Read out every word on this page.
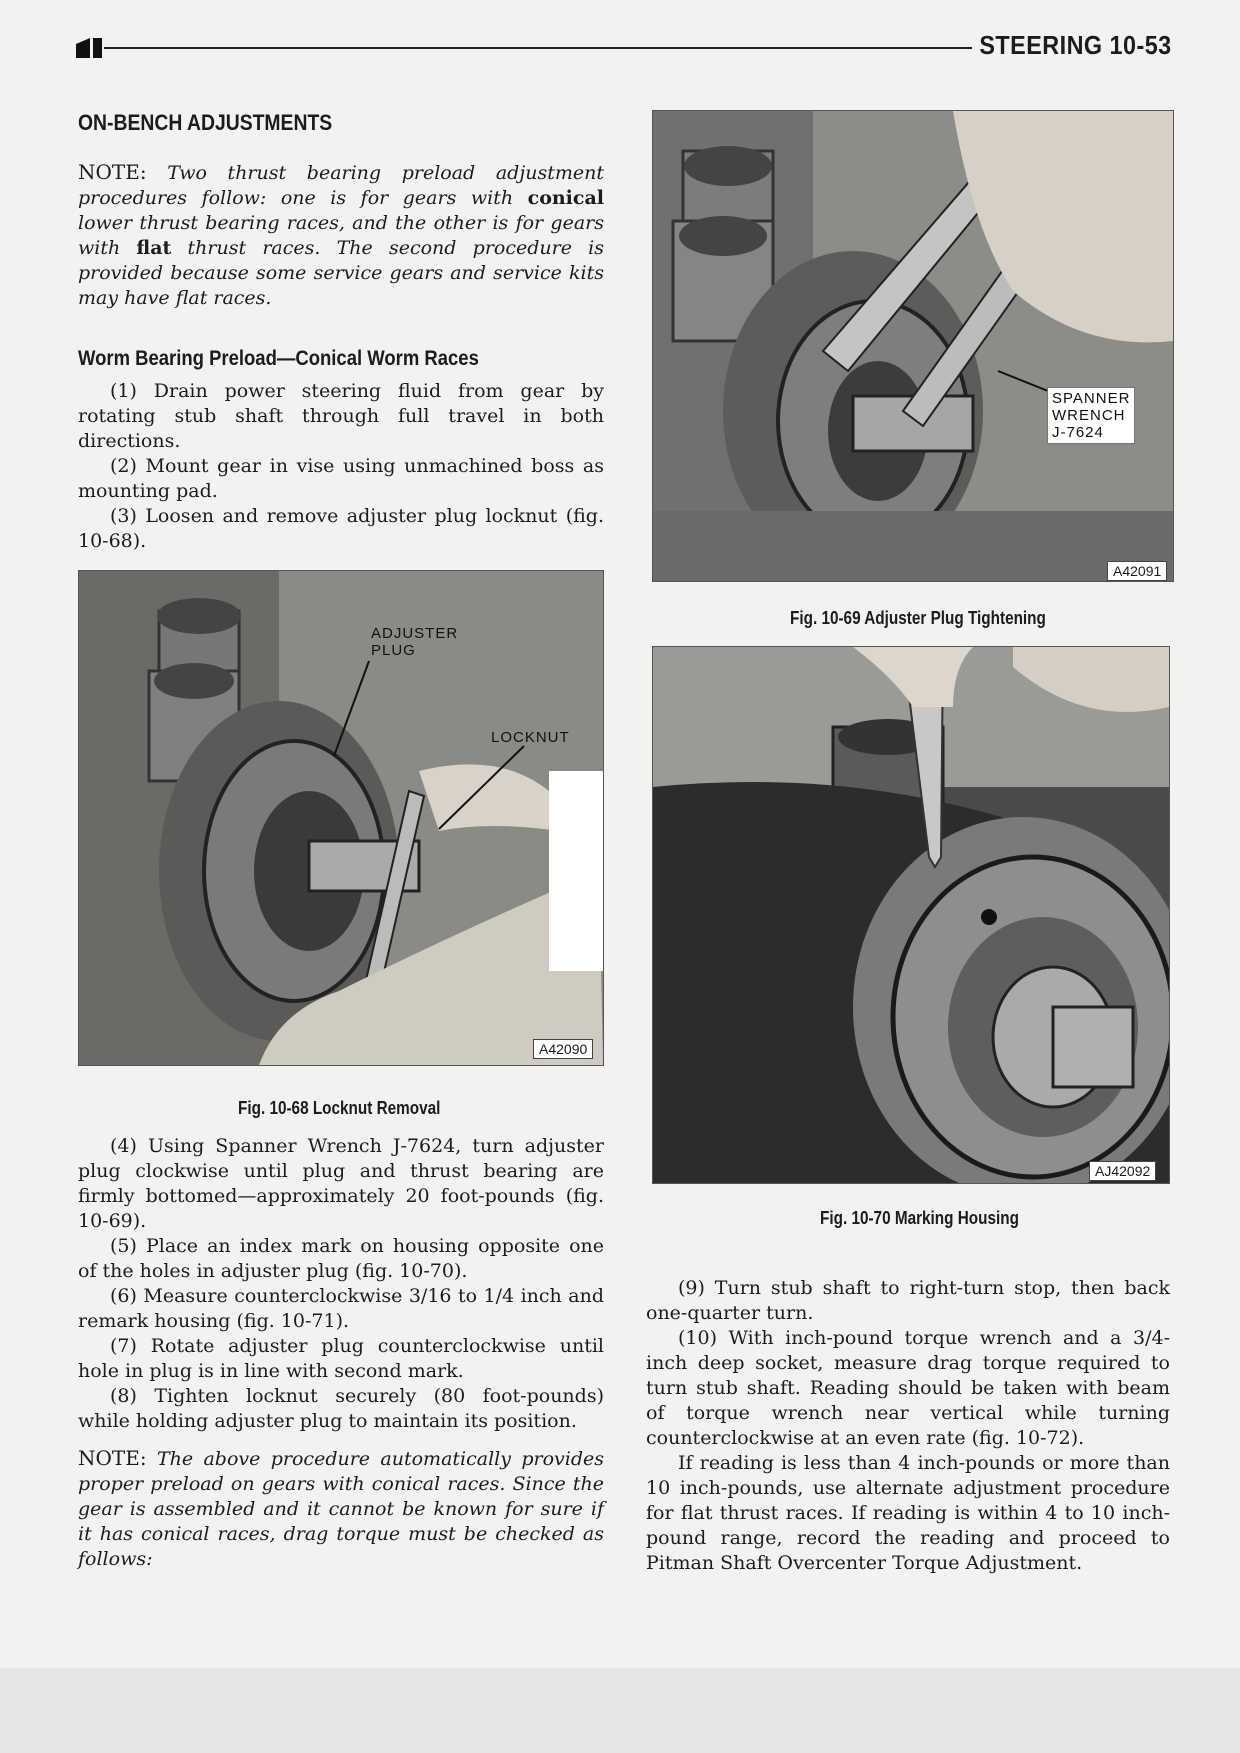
STEERING 10-53
ON-BENCH ADJUSTMENTS

NOTE: Two thrust bearing preload adjustment procedures follow: one is for gears with conical lower thrust bearing races, and the other is for gears with flat thrust races. The second procedure is provided because some service gears and service kits may have flat races.

Worm Bearing Preload—Conical Worm Races

(1) Drain power steering fluid from gear by rotating stub shaft through full travel in both directions.

(2) Mount gear in vise using unmachined boss as mounting pad.

(3) Loosen and remove adjuster plug locknut (fig. 10-68).

ADJUSTER
PLUG
LOCKNUT
A42090
Fig. 10-68 Locknut Removal

(4) Using Spanner Wrench J-7624, turn adjuster plug clockwise until plug and thrust bearing are firmly bottomed—approximately 20 foot-pounds (fig. 10-69).

(5) Place an index mark on housing opposite one of the holes in adjuster plug (fig. 10-70).

(6) Measure counterclockwise 3/16 to 1/4 inch and remark housing (fig. 10-71).

(7) Rotate adjuster plug counterclockwise until hole in plug is in line with second mark.

(8) Tighten locknut securely (80 foot-pounds) while holding adjuster plug to maintain its position.

NOTE: The above procedure automatically provides proper preload on gears with conical races. Since the gear is assembled and it cannot be known for sure if it has conical races, drag torque must be checked as follows:

SPANNER
WRENCH
J-7624
A42091
Fig. 10-69 Adjuster Plug Tightening
AJ42092
Fig. 10-70 Marking Housing

(9) Turn stub shaft to right-turn stop, then back one-quarter turn.

(10) With inch-pound torque wrench and a 3/4-inch deep socket, measure drag torque required to turn stub shaft. Reading should be taken with beam of torque wrench near vertical while turning counterclockwise at an even rate (fig. 10-72).

If reading is less than 4 inch-pounds or more than 10 inch-pounds, use alternate adjustment procedure for flat thrust races. If reading is within 4 to 10 inch-pound range, record the reading and proceed to Pitman Shaft Overcenter Torque Adjustment.
